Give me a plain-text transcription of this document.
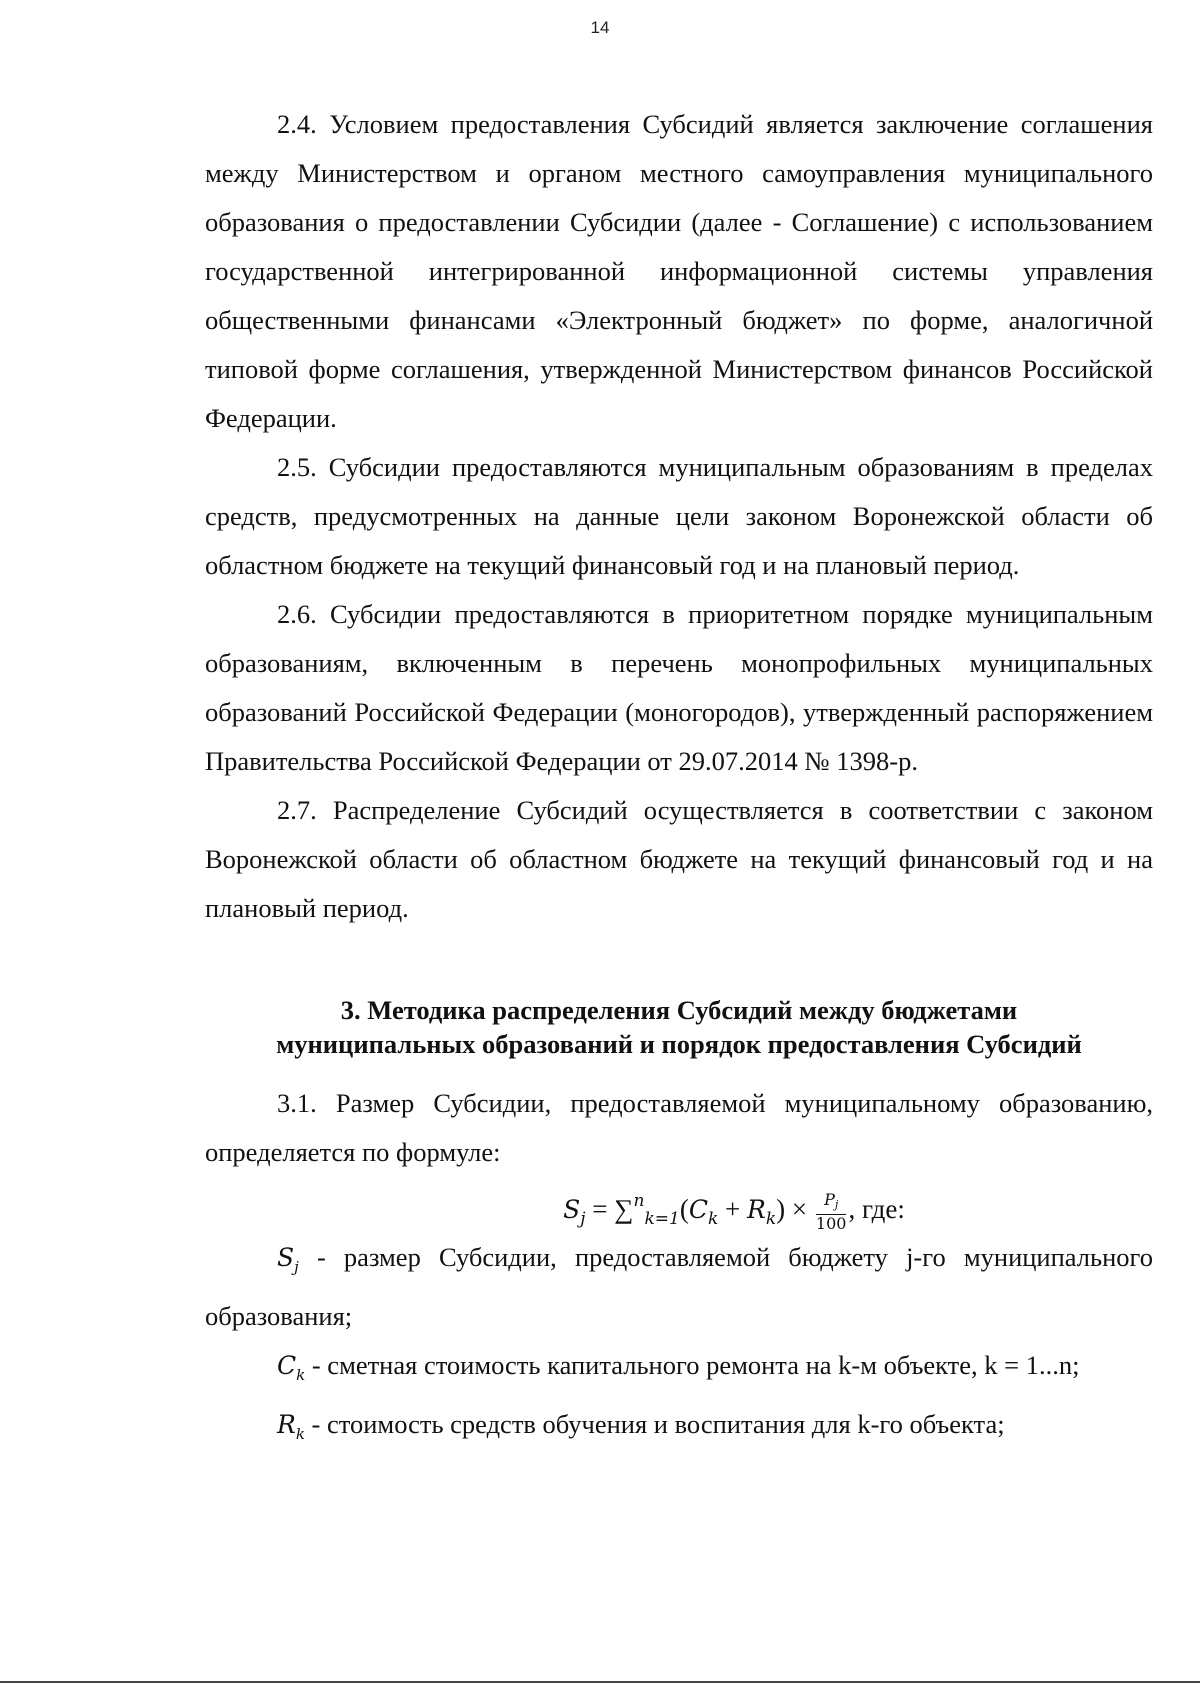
14

2.4. Условием предоставления Субсидий является заключение соглашения между Министерством и органом местного самоуправления муниципального образования о предоставлении Субсидии (далее - Соглашение) с использованием государственной интегрированной информационной системы управления общественными финансами «Электронный бюджет» по форме, аналогичной типовой форме соглашения, утвержденной Министерством финансов Российской Федерации.

2.5. Субсидии предоставляются муниципальным образованиям в пределах средств, предусмотренных на данные цели законом Воронежской области об областном бюджете на текущий финансовый год и на плановый период.

2.6. Субсидии предоставляются в приоритетном порядке муниципальным образованиям, включенным в перечень монопрофильных муниципальных образований Российской Федерации (моногородов), утвержденный распоряжением Правительства Российской Федерации от 29.07.2014 № 1398-р.

2.7. Распределение Субсидий осуществляется в соответствии с законом Воронежской области об областном бюджете на текущий финансовый год и на плановый период.

3. Методика распределения Субсидий между бюджетами

муниципальных образований и порядок предоставления Субсидий

3.1. Размер Субсидии, предоставляемой муниципальному образованию, определяется по формуле:

$S_j = \sum^n_{k=1}(C_k + R_k) \times \frac{Pj}{100}$ , где:

$S_j$ - размер Субсидии, предоставляемой бюджету j-го муниципального образования;

$C_k$ - сметная стоимость капитального ремонта на k-м объекте, k = 1...n;

$R_k$ - стоимость средств обучения и воспитания для k-го объекта;
